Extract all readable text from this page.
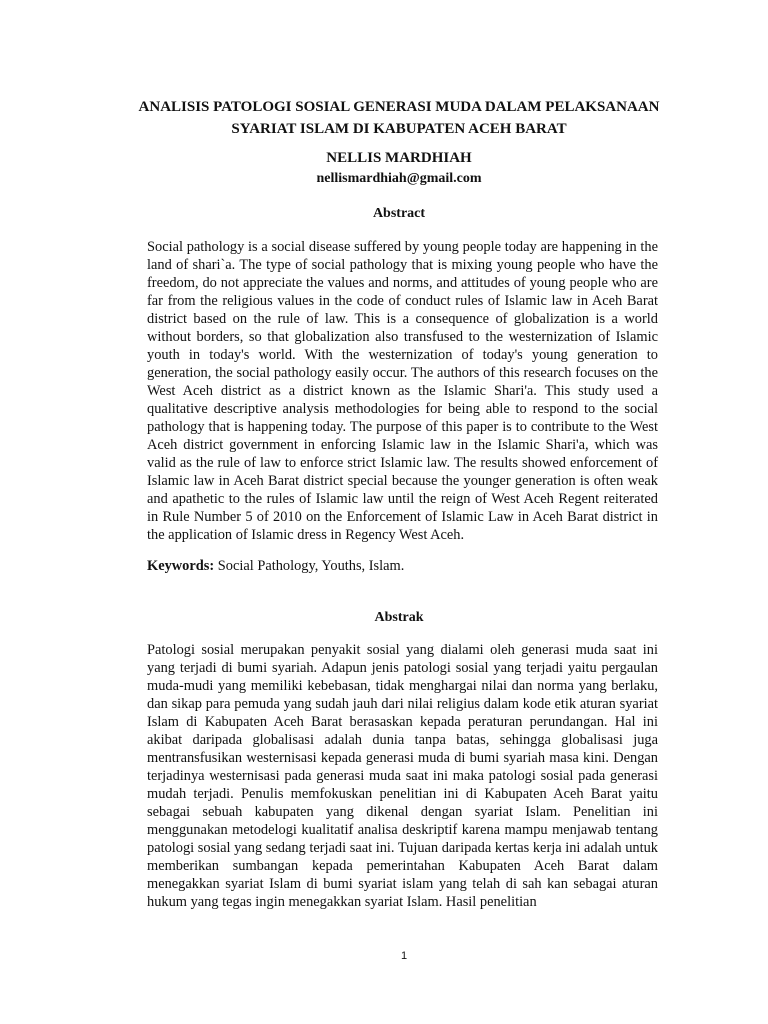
ANALISIS PATOLOGI SOSIAL GENERASI MUDA DALAM PELAKSANAAN SYARIAT ISLAM DI KABUPATEN ACEH BARAT

NELLIS MARDHIAH

nellismardhiah@gmail.com

Abstract

Social pathology is a social disease suffered by young people today are happening in the land of shari`a. The type of social pathology that is mixing young people who have the freedom, do not appreciate the values and norms, and attitudes of young people who are far from the religious values in the code of conduct rules of Islamic law in Aceh Barat district based on the rule of law. This is a consequence of globalization is a world without borders, so that globalization also transfused to the westernization of Islamic youth in today's world. With the westernization of today's young generation to generation, the social pathology easily occur. The authors of this research focuses on the West Aceh district as a district known as the Islamic Shari'a. This study used a qualitative descriptive analysis methodologies for being able to respond to the social pathology that is happening today. The purpose of this paper is to contribute to the West Aceh district government in enforcing Islamic law in the Islamic Shari'a, which was valid as the rule of law to enforce strict Islamic law. The results showed enforcement of Islamic law in Aceh Barat district special because the younger generation is often weak and apathetic to the rules of Islamic law until the reign of West Aceh Regent reiterated in Rule Number 5 of 2010 on the Enforcement of Islamic Law in Aceh Barat district in the application of Islamic dress in Regency West Aceh.

Keywords: Social Pathology, Youths, Islam.

Abstrak

Patologi sosial merupakan penyakit sosial yang dialami oleh generasi muda saat ini yang terjadi di bumi syariah. Adapun jenis patologi sosial yang terjadi yaitu pergaulan muda-mudi yang memiliki kebebasan, tidak menghargai nilai dan norma yang berlaku, dan sikap para pemuda yang sudah jauh dari nilai religius dalam kode etik aturan syariat Islam di Kabupaten Aceh Barat berasaskan kepada peraturan perundangan. Hal ini akibat daripada globalisasi adalah dunia tanpa batas, sehingga globalisasi juga mentransfusikan westernisasi kepada generasi muda di bumi syariah masa kini. Dengan terjadinya westernisasi pada generasi muda saat ini maka patologi sosial pada generasi mudah terjadi. Penulis memfokuskan penelitian ini di Kabupaten Aceh Barat yaitu sebagai sebuah kabupaten yang dikenal dengan syariat Islam. Penelitian ini menggunakan metodelogi kualitatif analisa deskriptif karena mampu menjawab tentang patologi sosial yang sedang terjadi saat ini. Tujuan daripada kertas kerja ini adalah untuk memberikan sumbangan kepada pemerintahan Kabupaten Aceh Barat dalam menegakkan syariat Islam di bumi syariat islam yang telah di sah kan sebagai aturan hukum yang tegas ingin menegakkan syariat Islam. Hasil penelitian

1
